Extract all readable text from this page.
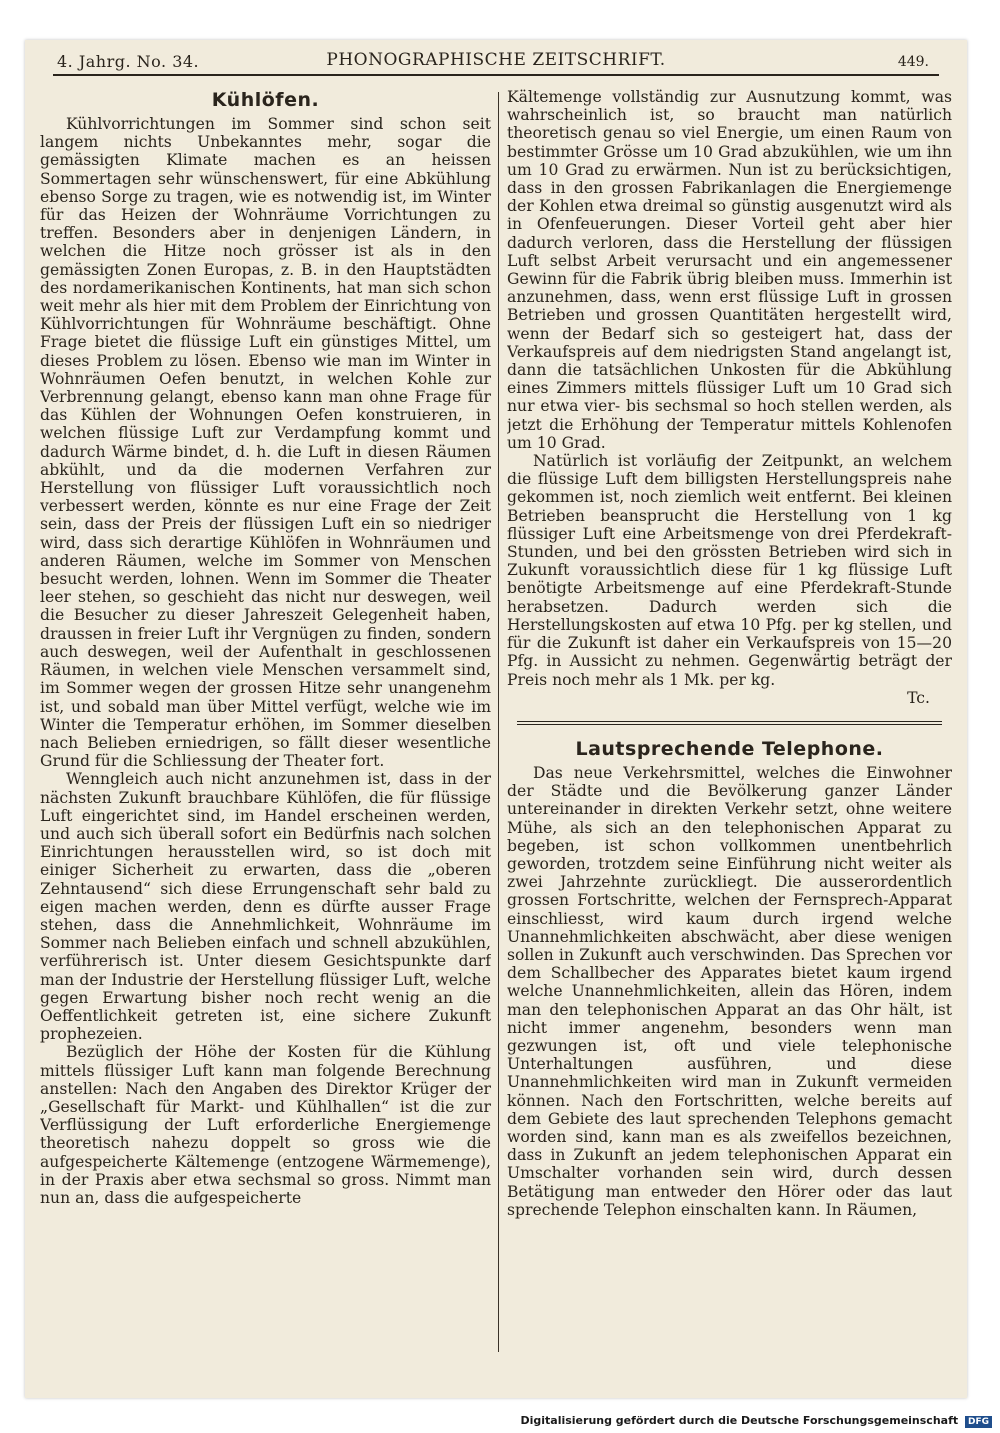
4. Jahrg. No. 34.	PHONOGRAPHISCHE ZEITSCHRIFT.	449.
Kühlöfen.

Kühlvorrichtungen im Sommer sind schon seit langem nichts Unbekanntes mehr, sogar die gemässigten Klimate machen es an heissen Sommertagen sehr wünschenswert, für eine Abkühlung ebenso Sorge zu tragen, wie es notwendig ist, im Winter für das Heizen der Wohnräume Vorrichtungen zu treffen. Besonders aber in denjenigen Ländern, in welchen die Hitze noch grösser ist als in den gemässigten Zonen Europas, z. B. in den Hauptstädten des nordamerikanischen Kontinents, hat man sich schon weit mehr als hier mit dem Problem der Einrichtung von Kühlvorrichtungen für Wohnräume beschäftigt. Ohne Frage bietet die flüssige Luft ein günstiges Mittel, um dieses Problem zu lösen. Ebenso wie man im Winter in Wohnräumen Oefen benutzt, in welchen Kohle zur Verbrennung gelangt, ebenso kann man ohne Frage für das Kühlen der Wohnungen Oefen konstruieren, in welchen flüssige Luft zur Verdampfung kommt und dadurch Wärme bindet, d. h. die Luft in diesen Räumen abkühlt, und da die modernen Verfahren zur Herstellung von flüssiger Luft voraussichtlich noch verbessert werden, könnte es nur eine Frage der Zeit sein, dass der Preis der flüssigen Luft ein so niedriger wird, dass sich derartige Kühlöfen in Wohnräumen und anderen Räumen, welche im Sommer von Menschen besucht werden, lohnen. Wenn im Sommer die Theater leer stehen, so geschieht das nicht nur deswegen, weil die Besucher zu dieser Jahreszeit Gelegenheit haben, draussen in freier Luft ihr Vergnügen zu finden, sondern auch deswegen, weil der Aufenthalt in geschlossenen Räumen, in welchen viele Menschen versammelt sind, im Sommer wegen der grossen Hitze sehr unangenehm ist, und sobald man über Mittel verfügt, welche wie im Winter die Temperatur erhöhen, im Sommer dieselben nach Belieben erniedrigen, so fällt dieser wesentliche Grund für die Schliessung der Theater fort.

Wenngleich auch nicht anzunehmen ist, dass in der nächsten Zukunft brauchbare Kühlöfen, die für flüssige Luft eingerichtet sind, im Handel erscheinen werden, und auch sich überall sofort ein Bedürfnis nach solchen Einrichtungen herausstellen wird, so ist doch mit einiger Sicherheit zu erwarten, dass die „oberen Zehntausend“ sich diese Errungenschaft sehr bald zu eigen machen werden, denn es dürfte ausser Frage stehen, dass die Annehmlichkeit, Wohnräume im Sommer nach Belieben einfach und schnell abzukühlen, verführerisch ist. Unter diesem Gesichtspunkte darf man der Industrie der Herstellung flüssiger Luft, welche gegen Erwartung bisher noch recht wenig an die Oeffentlichkeit getreten ist, eine sichere Zukunft prophezeien.

Bezüglich der Höhe der Kosten für die Kühlung mittels flüssiger Luft kann man folgende Berechnung anstellen: Nach den Angaben des Direktor Krüger der „Gesellschaft für Markt- und Kühlhallen“ ist die zur Verflüssigung der Luft erforderliche Energiemenge theoretisch nahezu doppelt so gross wie die aufgespeicherte Kältemenge (entzogene Wärmemenge), in der Praxis aber etwa sechsmal so gross. Nimmt man nun an, dass die aufgespeicherte

Kältemenge vollständig zur Ausnutzung kommt, was wahrscheinlich ist, so braucht man natürlich theoretisch genau so viel Energie, um einen Raum von bestimmter Grösse um 10 Grad abzukühlen, wie um ihn um 10 Grad zu erwärmen. Nun ist zu berücksichtigen, dass in den grossen Fabrikanlagen die Energiemenge der Kohlen etwa dreimal so günstig ausgenutzt wird als in Ofenfeuerungen. Dieser Vorteil geht aber hier dadurch verloren, dass die Herstellung der flüssigen Luft selbst Arbeit verursacht und ein angemessener Gewinn für die Fabrik übrig bleiben muss. Immerhin ist anzunehmen, dass, wenn erst flüssige Luft in grossen Betrieben und grossen Quantitäten hergestellt wird, wenn der Bedarf sich so gesteigert hat, dass der Verkaufspreis auf dem niedrigsten Stand angelangt ist, dann die tatsächlichen Unkosten für die Abkühlung eines Zimmers mittels flüssiger Luft um 10 Grad sich nur etwa vier- bis sechsmal so hoch stellen werden, als jetzt die Erhöhung der Temperatur mittels Kohlenofen um 10 Grad.

Natürlich ist vorläufig der Zeitpunkt, an welchem die flüssige Luft dem billigsten Herstellungspreis nahe gekommen ist, noch ziemlich weit entfernt. Bei kleinen Betrieben beansprucht die Herstellung von 1 kg flüssiger Luft eine Arbeitsmenge von drei Pferdekraft-Stunden, und bei den grössten Betrieben wird sich in Zukunft voraussichtlich diese für 1 kg flüssige Luft benötigte Arbeitsmenge auf eine Pferdekraft-Stunde herabsetzen. Dadurch werden sich die Herstellungskosten auf etwa 10 Pfg. per kg stellen, und für die Zukunft ist daher ein Verkaufspreis von 15—20 Pfg. in Aussicht zu nehmen. Gegenwärtig beträgt der Preis noch mehr als 1 Mk. per kg.

Tc.

Lautsprechende Telephone.

Das neue Verkehrsmittel, welches die Einwohner der Städte und die Bevölkerung ganzer Länder untereinander in direkten Verkehr setzt, ohne weitere Mühe, als sich an den telephonischen Apparat zu begeben, ist schon vollkommen unentbehrlich geworden, trotzdem seine Einführung nicht weiter als zwei Jahrzehnte zurückliegt. Die ausserordentlich grossen Fortschritte, welchen der Fernsprech-Apparat einschliesst, wird kaum durch irgend welche Unannehmlichkeiten abschwächt, aber diese wenigen sollen in Zukunft auch verschwinden. Das Sprechen vor dem Schallbecher des Apparates bietet kaum irgend welche Unannehmlichkeiten, allein das Hören, indem man den telephonischen Apparat an das Ohr hält, ist nicht immer angenehm, besonders wenn man gezwungen ist, oft und viele telephonische Unterhaltungen ausführen, und diese Unannehmlichkeiten wird man in Zukunft vermeiden können. Nach den Fortschritten, welche bereits auf dem Gebiete des laut sprechenden Telephons gemacht worden sind, kann man es als zweifellos bezeichnen, dass in Zukunft an jedem telephonischen Apparat ein Umschalter vorhanden sein wird, durch dessen Betätigung man entweder den Hörer oder das laut sprechende Telephon einschalten kann. In Räumen,

Digitalisierung gefördert durch die Deutsche Forschungsgemeinschaft DFG
